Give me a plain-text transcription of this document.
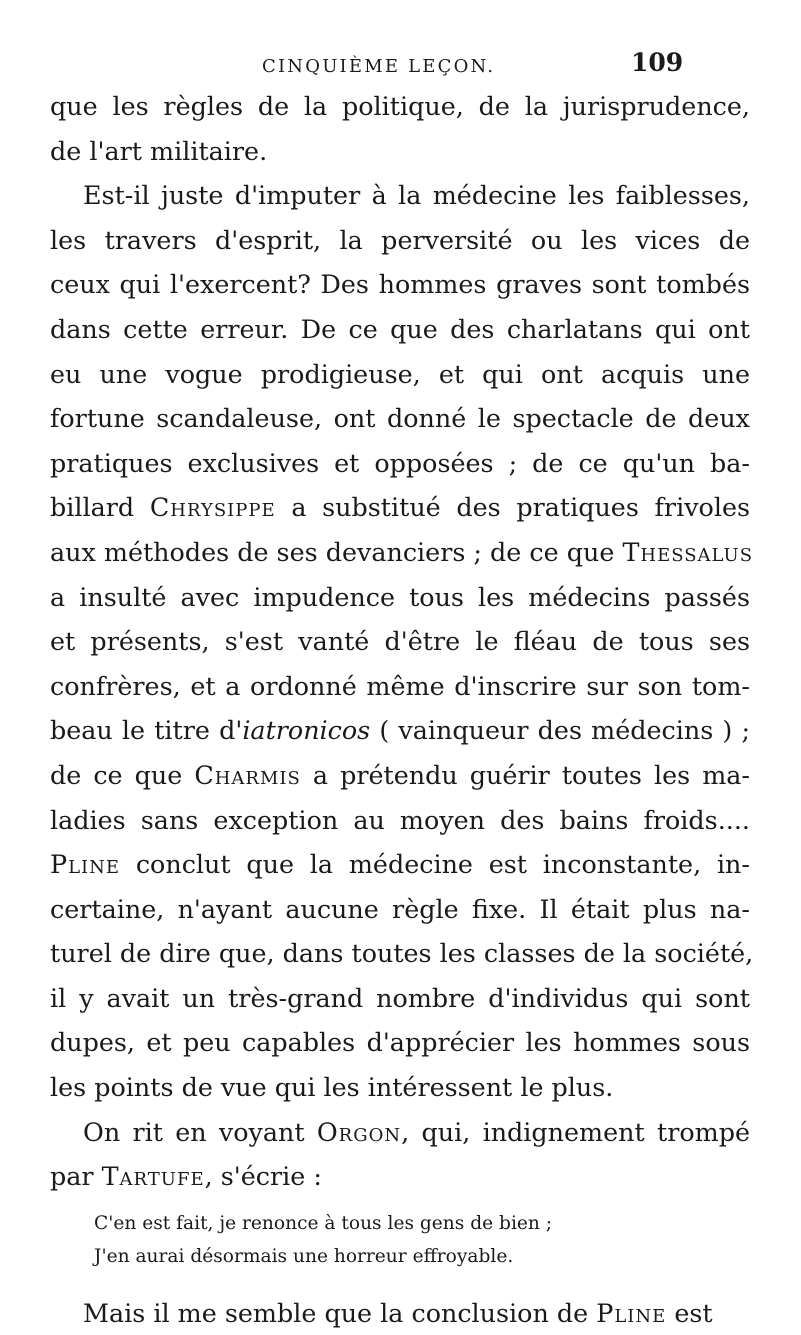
CINQUIÈME LEÇON.	109
que les règles de la politique, de la jurisprudence,
de l'art militaire.
Est-il juste d'imputer à la médecine les faiblesses,
les travers d'esprit, la perversité ou les vices de
ceux qui l'exercent? Des hommes graves sont tombés
dans cette erreur. De ce que des charlatans qui ont
eu une vogue prodigieuse, et qui ont acquis une
fortune scandaleuse, ont donné le spectacle de deux
pratiques exclusives et opposées ; de ce qu'un ba-
billard Chrysippe a substitué des pratiques frivoles
aux méthodes de ses devanciers ; de ce que Thessalus
a insulté avec impudence tous les médecins passés
et présents, s'est vanté d'être le fléau de tous ses
confrères, et a ordonné même d'inscrire sur son tom-
beau le titre d'iatronicos ( vainqueur des médecins ) ;
de ce que Charmis a prétendu guérir toutes les ma-
ladies sans exception au moyen des bains froids....
Pline conclut que la médecine est inconstante, in-
certaine, n'ayant aucune règle fixe. Il était plus na-
turel de dire que, dans toutes les classes de la société,
il y avait un très-grand nombre d'individus qui sont
dupes, et peu capables d'apprécier les hommes sous
les points de vue qui les intéressent le plus.
On rit en voyant Orgon, qui, indignement trompé
par Tartufe, s'écrie :
C'en est fait, je renonce à tous les gens de bien ;
J'en aurai désormais une horreur effroyable.
Mais il me semble que la conclusion de Pline est
